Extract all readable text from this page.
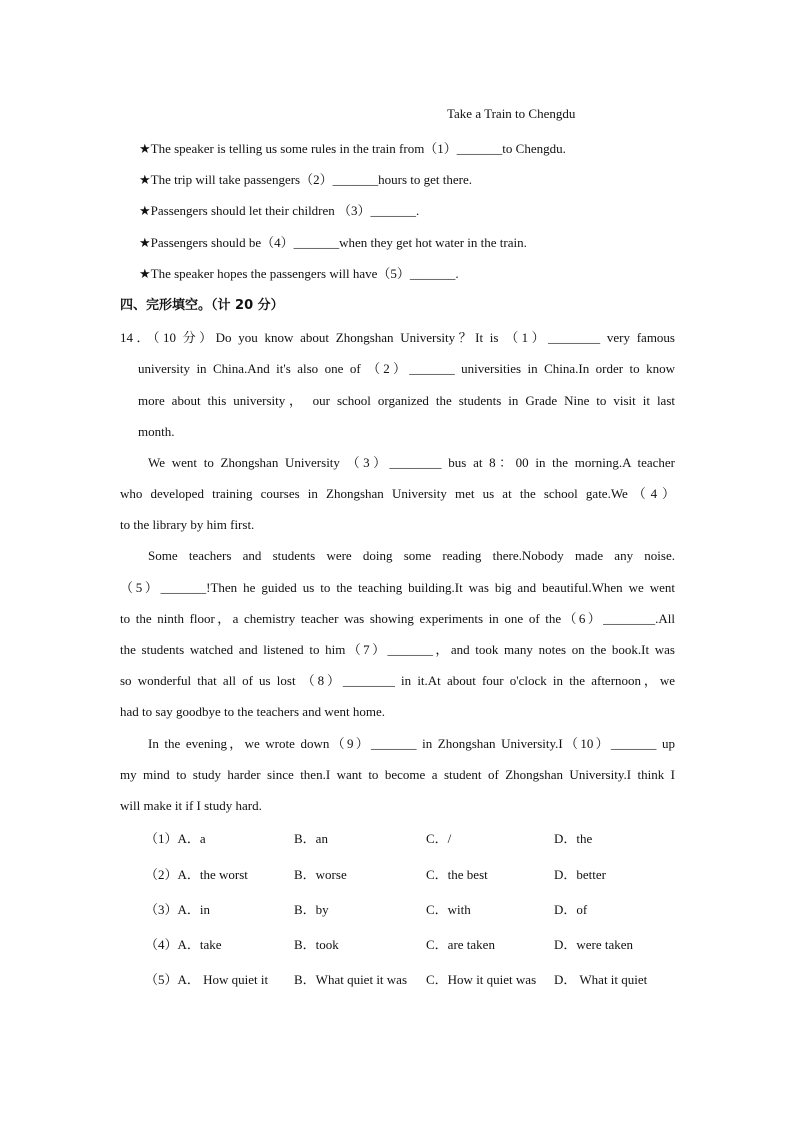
Take a Train to Chengdu
★The speaker is telling us some rules in the train from（1）_______to Chengdu.
★The trip will take passengers（2）_______hours to get there.
★Passengers should let their children （3）_______.
★Passengers should be（4）_______when they get hot water in the train.
★The speaker hopes the passengers will have（5）_______.
四、完形填空。（计 20 分）
14．（10 分）Do you know about Zhongshan University？It is （1）________ very famous
university in China.And it's also one of （2）_______ universities in China.In order to know
more about this university， our school organized the students in Grade Nine to visit it last
month.
We went to Zhongshan University （3）________ bus at 8：00 in the morning.A teacher
who developed training courses in Zhongshan University met us at the school gate.We（4）
to the library by him first.
Some teachers and students were doing some reading there.Nobody made any noise.
（5）_______!Then he guided us to the teaching building.It was big and beautiful.When we went
to the ninth floor，a chemistry teacher was showing experiments in one of the（6）________.All
the students watched and listened to him（7）_______，and took many notes on the book.It was
so wonderful that all of us lost （8）________ in it.At about four o'clock in the afternoon，we
had to say goodbye to the teachers and went home.
In the evening，we wrote down（9）_______ in Zhongshan University.I（10）_______ up
my mind to study harder since then.I want to become a student of Zhongshan University.I think I
will make it if I study hard.
（1）A．a	B．an	C．/	D．the
（2）A．the worst	B．worse	C．the best	D．better
（3）A．in	B．by	C．with	D．of
（4）A．take	B．took	C．are taken	D．were taken
（5）A． How quiet it B．What quiet it was C．How it quiet was D． What it quiet
